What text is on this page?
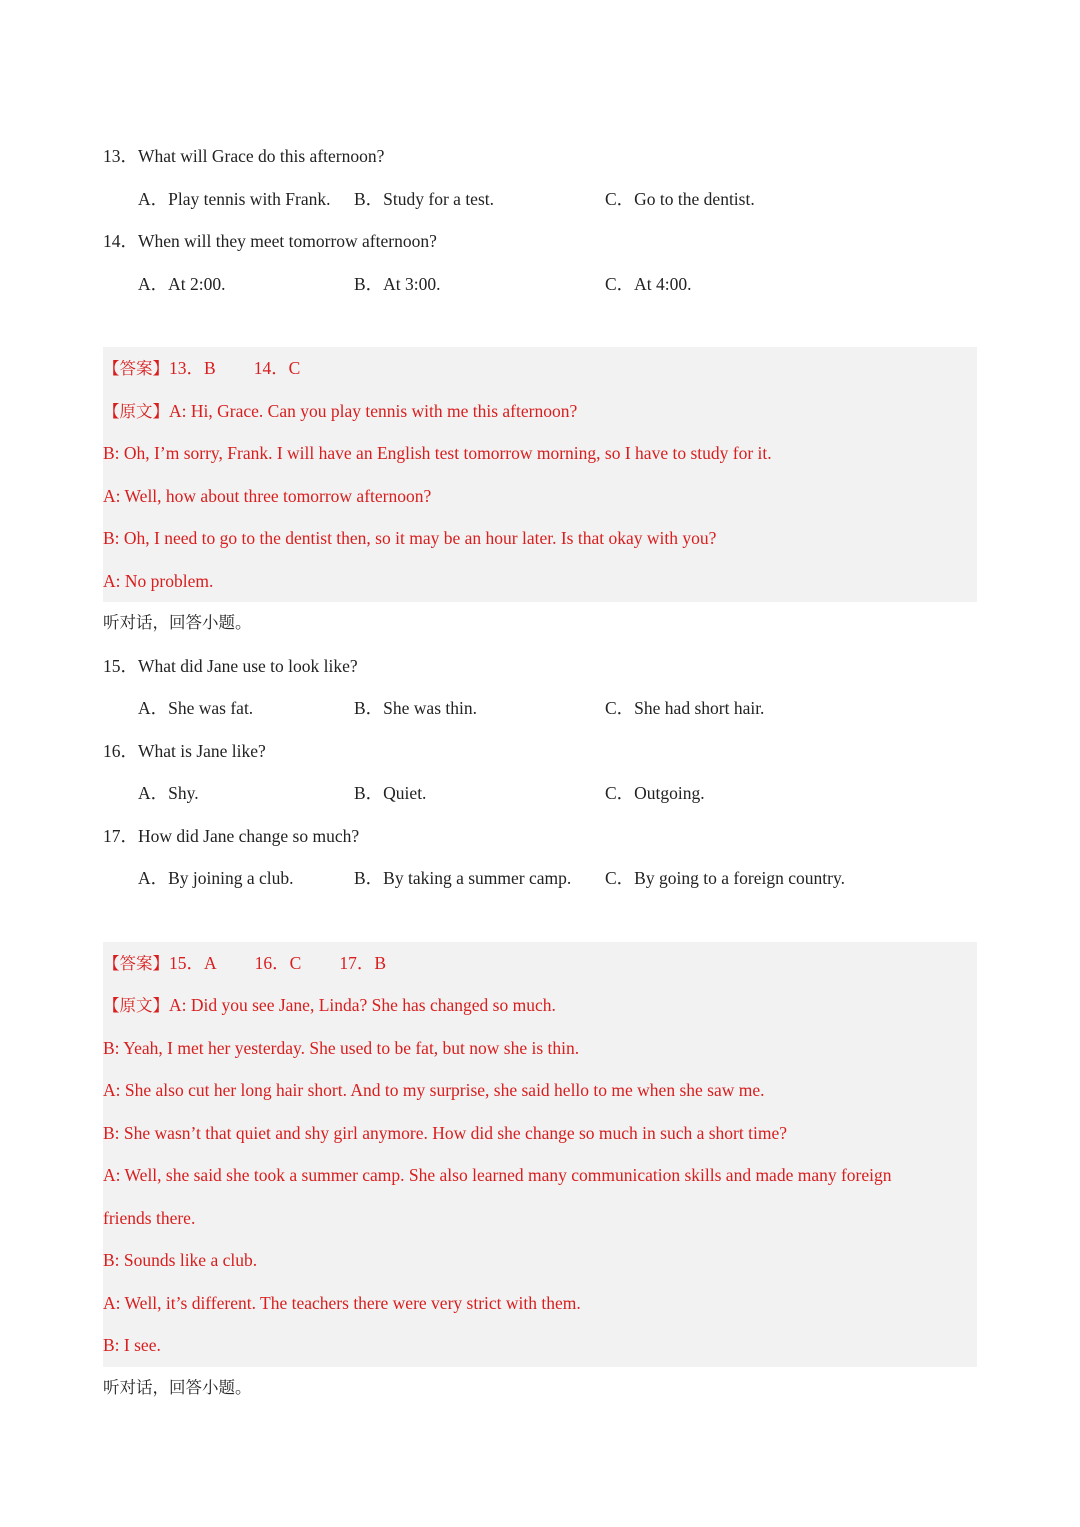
13．What will Grace do this afternoon?
A．Play tennis with Frank. B．Study for a test.	C．Go to the dentist.
14．When will they meet tomorrow afternoon?
A．At 2:00.	B．At 3:00.	C．At 4:00.
【答案】13．B 14．C
【原文】A: Hi, Grace. Can you play tennis with me this afternoon?
B: Oh, I’m sorry, Frank. I will have an English test tomorrow morning, so I have to study for it.
A: Well, how about three tomorrow afternoon?
B: Oh, I need to go to the dentist then, so it may be an hour later. Is that okay with you?
A: No problem.
听对话，回答小题。
15．What did Jane use to look like?
A．She was fat.	B．She was thin.	C．She had short hair.
16．What is Jane like?
A．Shy.	B．Quiet.	C．Outgoing.
17．How did Jane change so much?
A．By joining a club.	B．By taking a summer camp. C．By going to a foreign country.
【答案】15．A 16．C 17．B
【原文】A: Did you see Jane, Linda? She has changed so much.
B: Yeah, I met her yesterday. She used to be fat, but now she is thin.
A: She also cut her long hair short. And to my surprise, she said hello to me when she saw me.
B: She wasn’t that quiet and shy girl anymore. How did she change so much in such a short time?
A: Well, she said she took a summer camp. She also learned many communication skills and made many foreign
friends there.
B: Sounds like a club.
A: Well, it’s different. The teachers there were very strict with them.
B: I see.
听对话，回答小题。
